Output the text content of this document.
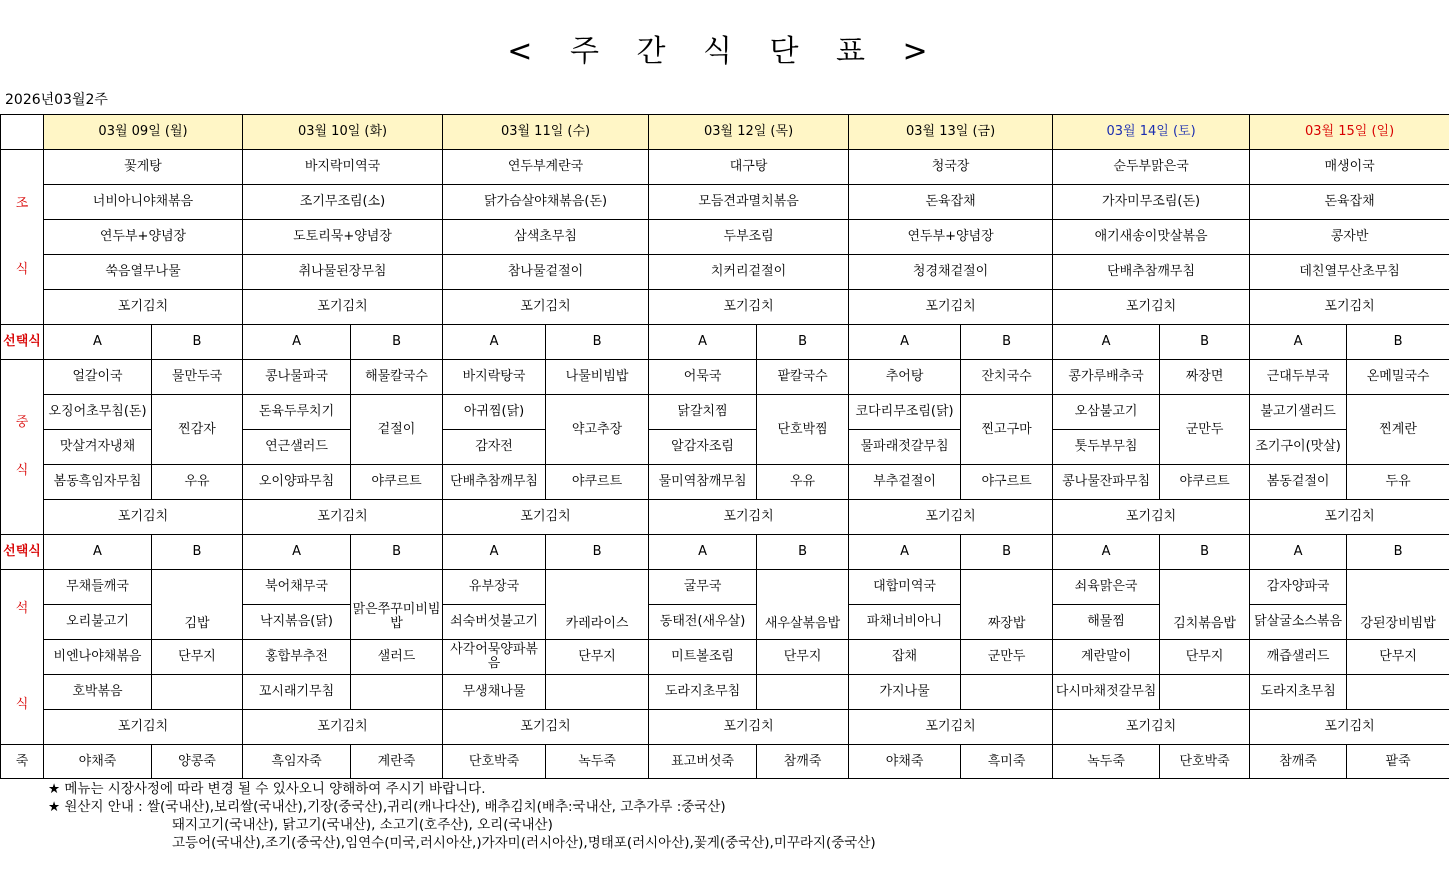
< 주 간 식 단 표 >
2026년03월2주
	03월 09일 (월)		03월 10일 (화)		03월 11일 (수)		03월 12일 (목)		03월 13일 (금)		03월 14일 (토)		03월 15일 (일)	

조
식	꽃게탕		바지락미역국		연두부계란국		대구탕		청국장		순두부맑은국		매생이국	
	너비아니야채볶음		조기무조림(소)		닭가슴살야채볶음(돈)		모듬견과멸치볶음		돈육잡채		가자미무조림(돈)		돈육잡채	
	연두부+양념장		도토리묵+양념장		삼색초무침		두부조림		연두부+양념장		애기새송이맛살볶음		콩자반	
	쑥음열무나물		취나물된장무침		참나물겉절이		치커리겉절이		청경채겉절이		단배추참깨무침		데친열무산초무침	
	포기김치		포기김치		포기김치		포기김치		포기김치		포기김치		포기김치	
선택식	A	B	A	B	A	B	A	B	A	B	A	B	A	B

중
식	얼갈이국	물만두국	콩나물파국	해물칼국수	바지락탕국	나물비빔밥	어묵국	팥칼국수	추어탕	잔치국수	콩가루배추국	짜장면	근대두부국	온메밀국수
	오징어초무침(돈)	찐감자	돈육두루치기	겉절이	아귀찜(닭)	약고추장	닭갈치찜	단호박찜	코다리무조림(닭)	찐고구마	오삼불고기	군만두	불고기샐러드	찐계란
	맛살겨자냉채		연근샐러드		감자전		알감자조림		물파래젓갈무침		톳두부무침		조기구이(맛살)	
	봄동흑임자무침	우유	오이양파무침	야쿠르트	단배추참깨무침	야쿠르트	물미역참깨무침	우유	부추겉절이	야구르트	콩나물잔파무침	야쿠르트	봄동겉절이	두유
	포기김치		포기김치		포기김치		포기김치		포기김치		포기김치		포기김치	
선택식	A	B	A	B	A	B	A	B	A	B	A	B	A	B

석
식	무채들깨국	김밥	북어채무국	맑은쭈꾸미비빔밥	유부장국	카레라이스	굴무국	새우살볶음밥	대합미역국	짜장밥	쇠육맑은국	김치볶음밥	감자양파국	강된장비빔밥
	오리불고기		낙지볶음(닭)		쇠숙버섯불고기		동태전(새우살)		파채너비아니		해물찜		닭살굴소스볶음	
	비엔나야채볶음	단무지	홍합부추전	샐러드	사각어묵양파볶음	단무지	미트볼조림	단무지	잡채	군만두	계란말이	단무지	깨즙샐러드	단무지
	호박볶음		꼬시래기무침		무생채나물		도라지초무침		가지나물		다시마채젓갈무침		도라지초무침	
	포기김치		포기김치		포기김치		포기김치		포기김치		포기김치		포기김치	
죽	야채죽	양콩죽	흑임자죽	계란죽	단호박죽	녹두죽	표고버섯죽	참깨죽	야채죽	흑미죽	녹두죽	단호박죽	참깨죽	팥죽
★ 메뉴는 시장사정에 따라 변경 될 수 있사오니 양해하여 주시기 바랍니다.
★ 원산지 안내 : 쌀(국내산),보리쌀(국내산),기장(중국산),귀리(캐나다산), 배추김치(배추:국내산, 고추가루 :중국산)
돼지고기(국내산), 닭고기(국내산), 소고기(호주산), 오리(국내산)
고등어(국내산),조기(중국산),임연수(미국,러시아산,)가자미(러시아산),명태포(러시아산),꽃게(중국산),미꾸라지(중국산)
